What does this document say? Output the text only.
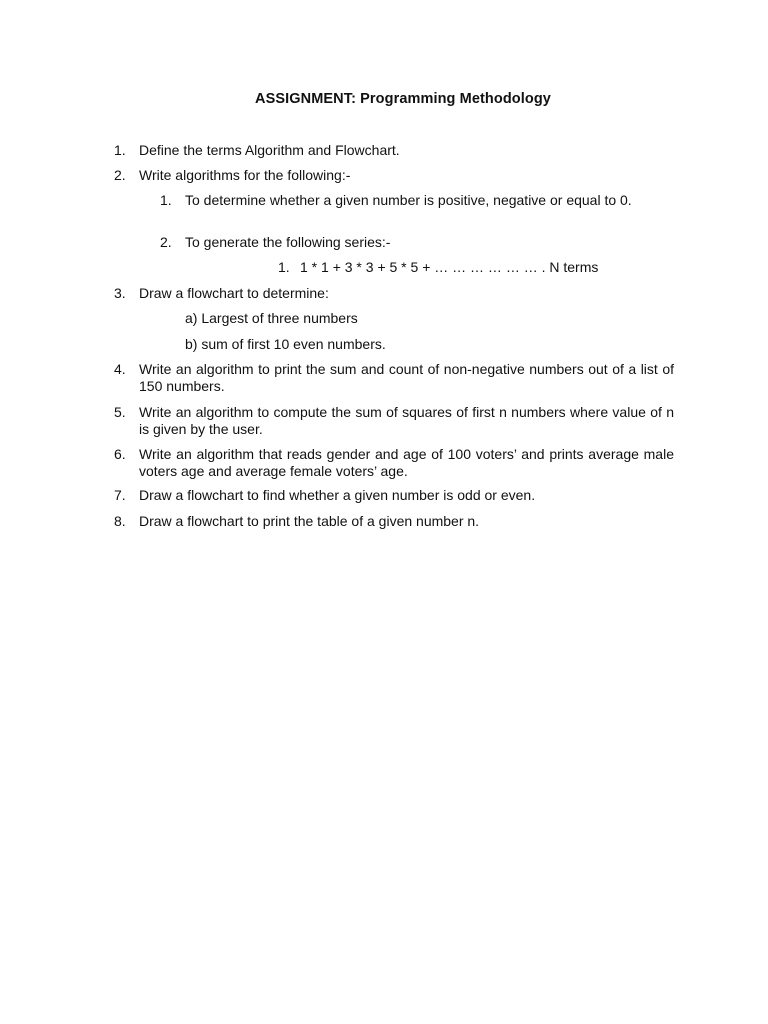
ASSIGNMENT: Programming Methodology
1. Define the terms Algorithm and Flowchart.
2. Write algorithms for the following:-
1. To determine whether a given number is positive, negative or equal to 0.
2. To generate the following series:-
1. 1 * 1 + 3 * 3 + 5 * 5 + … … … … … … . N terms
3. Draw a flowchart to determine:
a) Largest of three numbers
b) sum of first 10 even numbers.
4. Write an algorithm to print the sum and count of non-negative numbers out of a list of 150 numbers.
5. Write an algorithm to compute the sum of squares of first n numbers where value of n is given by the user.
6. Write an algorithm that reads gender and age of 100 voters’ and prints average male voters age and average female voters’ age.
7. Draw a flowchart to find whether a given number is odd or even.
8. Draw a flowchart to print the table of a given number n.
